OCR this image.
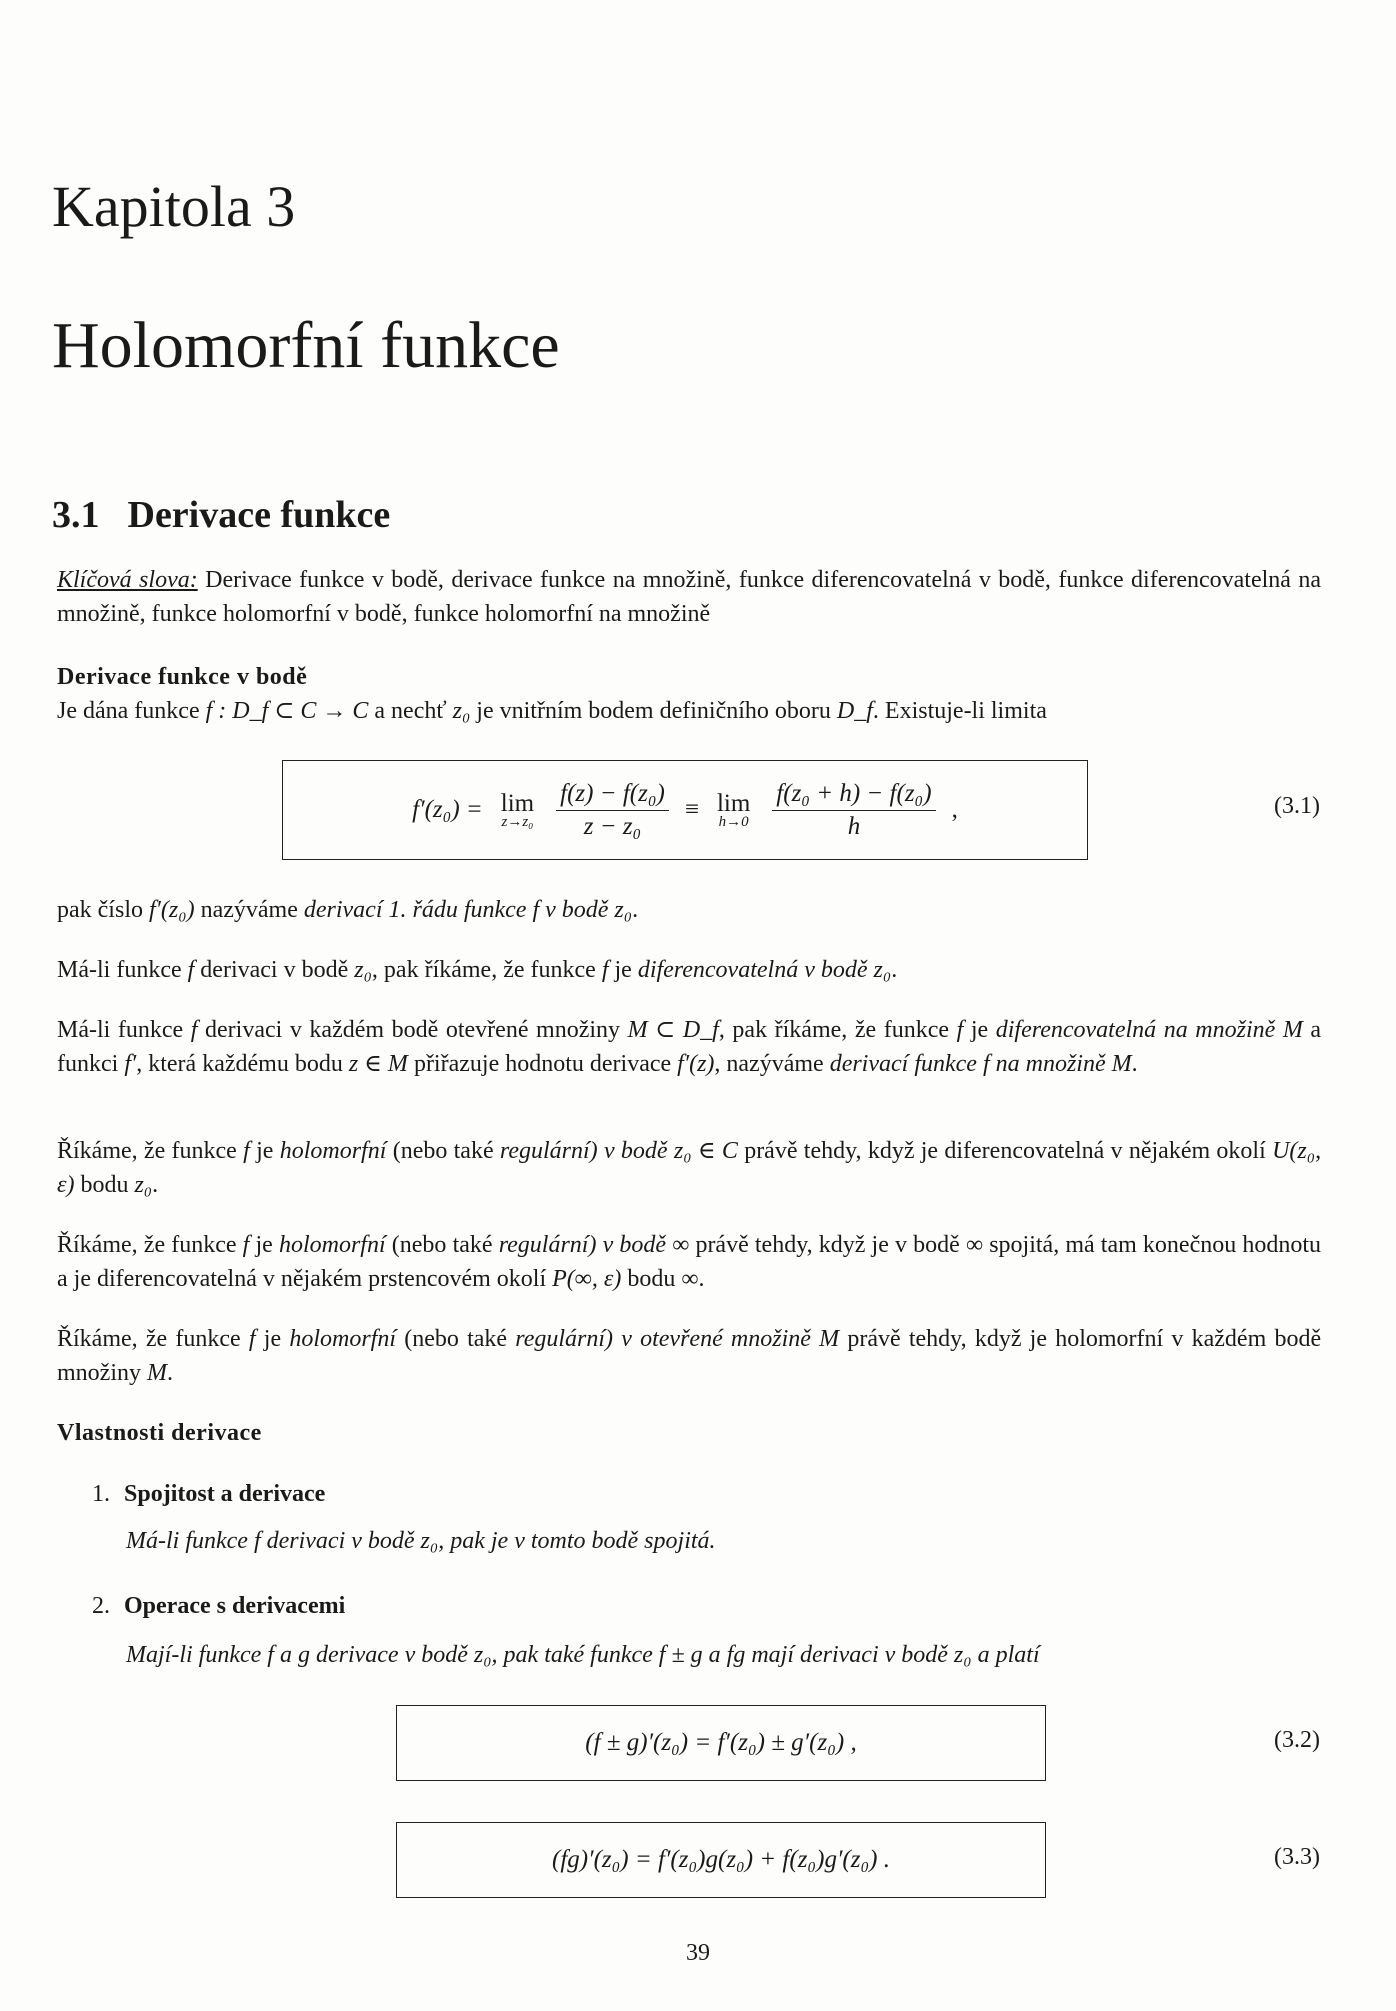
Kapitola 3
Holomorfní funkce
3.1 Derivace funkce
Klíčová slova: Derivace funkce v bodě, derivace funkce na množině, funkce diferencovatelná v bodě, funkce diferencovatelná na množině, funkce holomorfní v bodě, funkce holomorfní na množině
Derivace funkce v bodě
Je dána funkce f : D_f ⊂ C → C a nechť z₀ je vnitřním bodem definičního oboru D_f. Existuje-li limita
f′(z₀) = lim
$z\to z_0 \frac{\text{f(z) − f(z₀)}}{\text{z − z₀}} \equiv \lim$
$h\to 0 \frac{\text{f(z₀ + h) − f(z₀)}}{h}$ ,	(3.1)
pak číslo f′(z₀) nazýváme derivací 1. řádu funkce f v bodě z₀.
Má-li funkce f derivaci v bodě z₀, pak říkáme, že funkce f je diferencovatelná v bodě z₀.
Má-li funkce f derivaci v každém bodě otevřené množiny M ⊂ D_f, pak říkáme, že funkce f je diferencovatelná na množině M a funkci f′, která každému bodu z ∈ M přiřazuje hodnotu derivace f′(z), nazýváme derivací funkce f na množině M.
Říkáme, že funkce f je holomorfní (nebo také regulární) v bodě z₀ ∈ C právě tehdy, když je diferencovatelná v nějakém okolí U(z₀, ε) bodu z₀.
Říkáme, že funkce f je holomorfní (nebo také regulární) v bodě ∞ právě tehdy, když je v bodě ∞ spojitá, má tam konečnou hodnotu a je diferencovatelná v nějakém prstencovém okolí P(∞, ε) bodu ∞.
Říkáme, že funkce f je holomorfní (nebo také regulární) v otevřené množině M právě tehdy, když je holomorfní v každém bodě množiny M.
Vlastnosti derivace
1. Spojitost a derivace
Má-li funkce f derivaci v bodě z₀, pak je v tomto bodě spojitá.
2. Operace s derivacemi
Mají-li funkce f a g derivace v bodě z₀, pak také funkce f ± g a fg mají derivaci v bodě z₀ a platí
(f ± g)′(z₀) = f′(z₀) ± g′(z₀) ,	(3.2)
(fg)′(z₀) = f′(z₀)g(z₀) + f(z₀)g′(z₀) .	(3.3)
39
